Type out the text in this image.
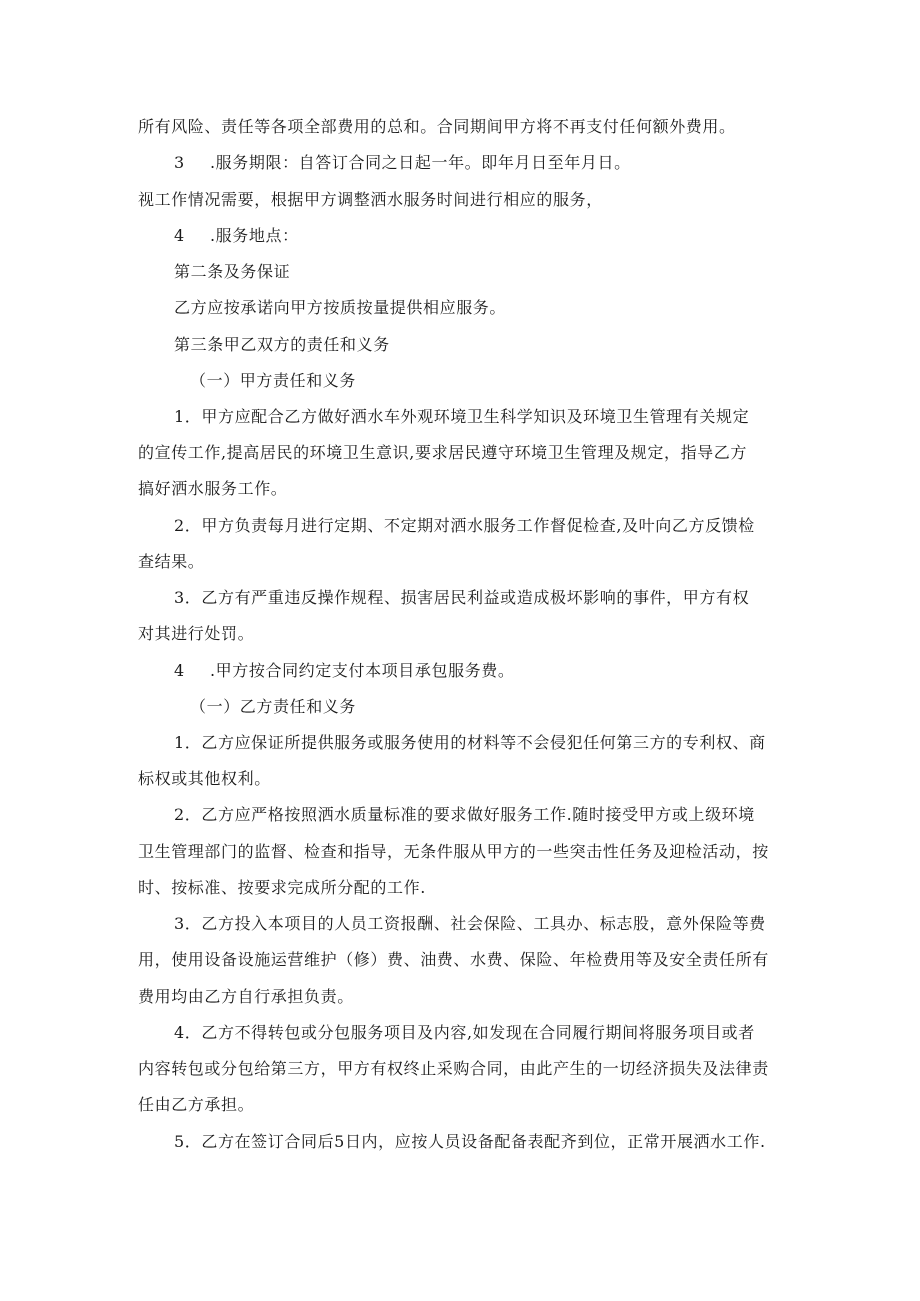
所有风险、责任等各项全部费用的总和。合同期间甲方将不再支付任何额外费用。
3 .服务期限：自答订合同之日起一年。即年月日至年月日。
视工作情况需要，根据甲方调整洒水服务时间进行相应的服务，
4 .服务地点：
第二条及务保证
乙方应按承诺向甲方按质按量提供相应服务。
第三条甲乙双方的责任和义务
（一）甲方责任和义务
1．甲方应配合乙方做好洒水车外观环境卫生科学知识及环境卫生管理有关规定
的宣传工作,提高居民的环境卫生意识,要求居民遵守环境卫生管理及规定，指导乙方
搞好洒水服务工作。
2．甲方负责每月进行定期、不定期对洒水服务工作督促检查,及叶向乙方反馈检
查结果。
3．乙方有严重违反操作规程、损害居民利益或造成极坏影响的事件，甲方有权
对其进行处罚。
4 .甲方按合同约定支付本项目承包服务费。
（一）乙方责任和义务
1．乙方应保证所提供服务或服务使用的材料等不会侵犯任何第三方的专利权、商
标权或其他权利。
2．乙方应严格按照洒水质量标准的要求做好服务工作.随时接受甲方或上级环境
卫生管理部门的监督、检查和指导，无条件服从甲方的一些突击性任务及迎检活动，按
时、按标准、按要求完成所分配的工作.
3．乙方投入本项目的人员工资报酬、社会保险、工具办、标志股，意外保险等费
用，使用设备设施运营维护（修）费、油费、水费、保险、年检费用等及安全责任所有
费用均由乙方自行承担负责。
4．乙方不得转包或分包服务项目及内容,如发现在合同履行期间将服务项目或者
内容转包或分包给第三方，甲方有权终止采购合同，由此产生的一切经济损失及法律责
任由乙方承担。
5．乙方在签订合同后5日内，应按人员设备配备表配齐到位，正常开展洒水工作.
